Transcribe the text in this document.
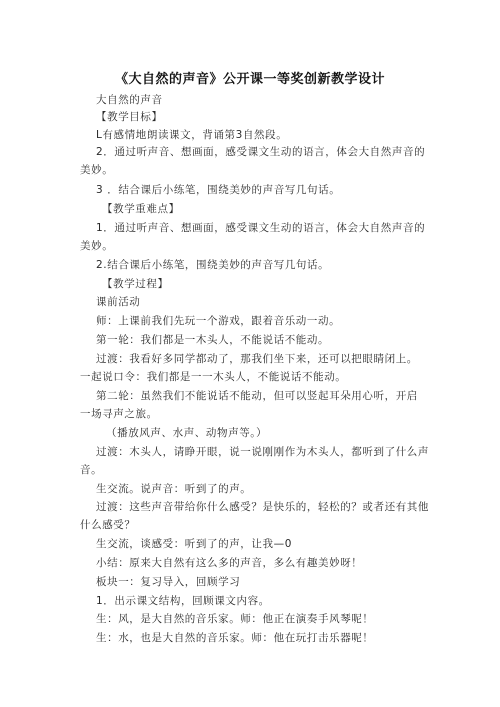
《大自然的声音》公开课一等奖创新教学设计
大自然的声音
【教学目标】
L有感情地朗读课文，背诵第3自然段。
2．通过听声音、想画面，感受课文生动的语言，体会大自然声音的
美妙。
3 ．结合课后小练笔，围绕美妙的声音写几句话。
【教学重难点】
1．通过听声音、想画面，感受课文生动的语言，体会大自然声音的
美妙。
2.结合课后小练笔，围绕美妙的声音写几句话。
【教学过程】
课前活动
师：上课前我们先玩一个游戏，跟着音乐动一动。
第一轮：我们都是一木头人，不能说话不能动。
过渡：我看好多同学都动了，那我们坐下来，还可以把眼睛闭上。
一起说口令：我们都是一一木头人，不能说话不能动。
第二轮：虽然我们不能说话不能动，但可以竖起耳朵用心听，开启
一场寻声之旅。
（播放风声、水声、动物声等。）
过渡：木头人，请睁开眼，说一说刚刚作为木头人，都听到了什么声
音。
生交流。说声音：听到了的声。
过渡：这些声音带给你什么感受？是快乐的，轻松的？或者还有其他
什么感受？
生交流，谈感受：听到了的声，让我—0
小结：原来大自然有这么多的声音，多么有趣美妙呀！
板块一：复习导入，回顾学习
1．出示课文结构，回顾课文内容。
生：风，是大自然的音乐家。师：他正在演奏手风琴呢！
生：水，也是大自然的音乐家。师：他在玩打击乐器呢！
